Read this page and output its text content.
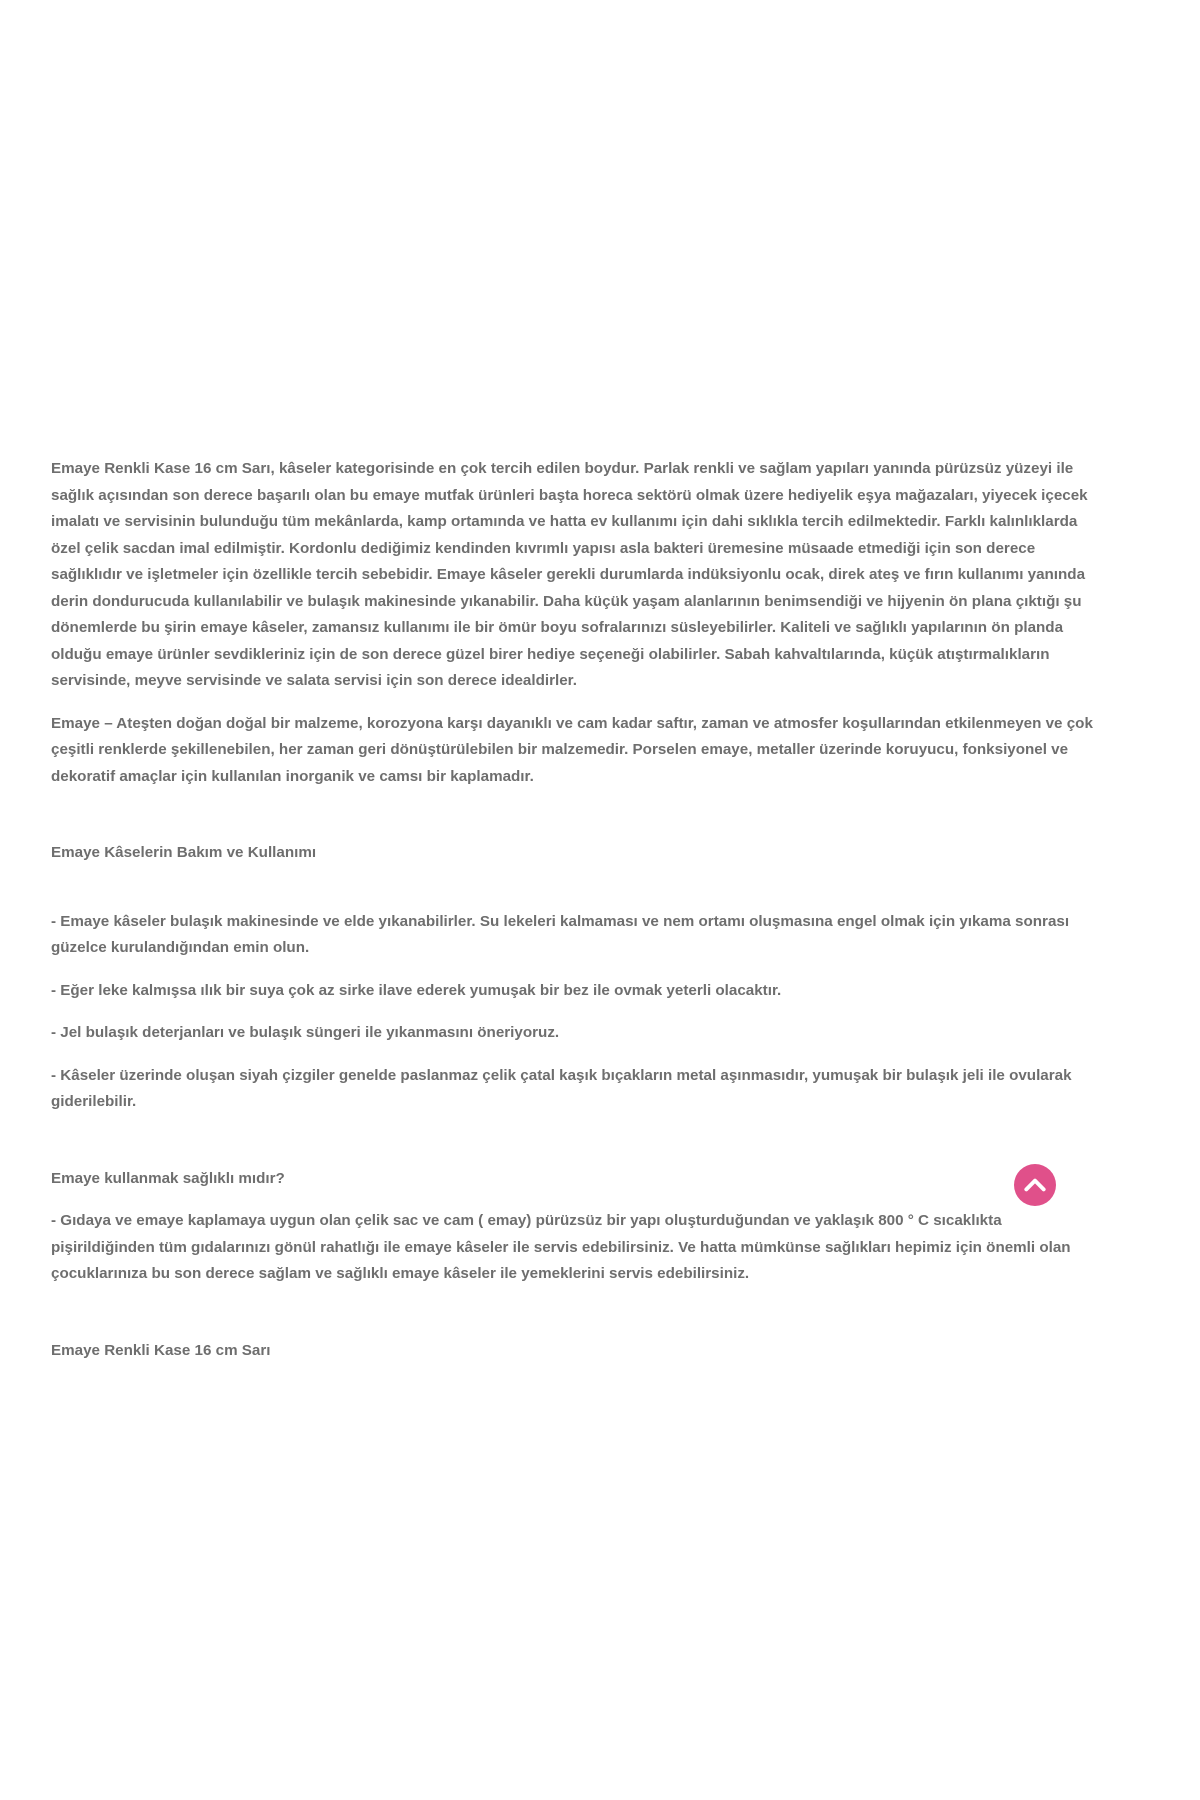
Emaye Renkli Kase 16 cm Sarı, kâseler kategorisinde en çok tercih edilen boydur. Parlak renkli ve sağlam yapıları yanında pürüzsüz yüzeyi ile sağlık açısından son derece başarılı olan bu emaye mutfak ürünleri başta horeca sektörü olmak üzere hediyelik eşya mağazaları, yiyecek içecek imalatı ve servisinin bulunduğu tüm mekânlarda, kamp ortamında ve hatta ev kullanımı için dahi sıklıkla tercih edilmektedir. Farklı kalınlıklarda özel çelik sacdan imal edilmiştir. Kordonlu dediğimiz kendinden kıvrımlı yapısı asla bakteri üremesine müsaade etmediği için son derece sağlıklıdır ve işletmeler için özellikle tercih sebebidir. Emaye kâseler gerekli durumlarda indüksiyonlu ocak, direk ateş ve fırın kullanımı yanında derin dondurucuda kullanılabilir ve bulaşık makinesinde yıkanabilir. Daha küçük yaşam alanlarının benimsendiği ve hijyenin ön plana çıktığı şu dönemlerde bu şirin emaye kâseler, zamansız kullanımı ile bir ömür boyu sofralarınızı süsleyebilirler. Kaliteli ve sağlıklı yapılarının ön planda olduğu emaye ürünler sevdikleriniz için de son derece güzel birer hediye seçeneği olabilirler. Sabah kahvaltılarında, küçük atıştırmalıkların servisinde, meyve servisinde ve salata servisi için son derece idealdirler.

Emaye – Ateşten doğan doğal bir malzeme, korozyona karşı dayanıklı ve cam kadar saftır, zaman ve atmosfer koşullarından etkilenmeyen ve çok çeşitli renklerde şekillenebilen, her zaman geri dönüştürülebilen bir malzemedir. Porselen emaye, metaller üzerinde koruyucu, fonksiyonel ve dekoratif amaçlar için kullanılan inorganik ve camsı bir kaplamadır.

Emaye Kâselerin Bakım ve Kullanımı

- Emaye kâseler bulaşık makinesinde ve elde yıkanabilirler. Su lekeleri kalmaması ve nem ortamı oluşmasına engel olmak için yıkama sonrası güzelce kurulandığından emin olun.

- Eğer leke kalmışsa ılık bir suya çok az sirke ilave ederek yumuşak bir bez ile ovmak yeterli olacaktır.

- Jel bulaşık deterjanları ve bulaşık süngeri ile yıkanmasını öneriyoruz.

- Kâseler üzerinde oluşan siyah çizgiler genelde paslanmaz çelik çatal kaşık bıçakların metal aşınmasıdır, yumuşak bir bulaşık jeli ile ovularak giderilebilir.

Emaye kullanmak sağlıklı mıdır?

- Gıdaya ve emaye kaplamaya uygun olan çelik sac ve cam ( emay) pürüzsüz bir yapı oluşturduğundan ve yaklaşık 800 ° C sıcaklıkta pişirildiğinden tüm gıdalarınızı gönül rahatlığı ile emaye kâseler ile servis edebilirsiniz. Ve hatta mümkünse sağlıkları hepimiz için önemli olan çocuklarınıza bu son derece sağlam ve sağlıklı emaye kâseler ile yemeklerini servis edebilirsiniz.

Emaye Renkli Kase 16 cm Sarı
